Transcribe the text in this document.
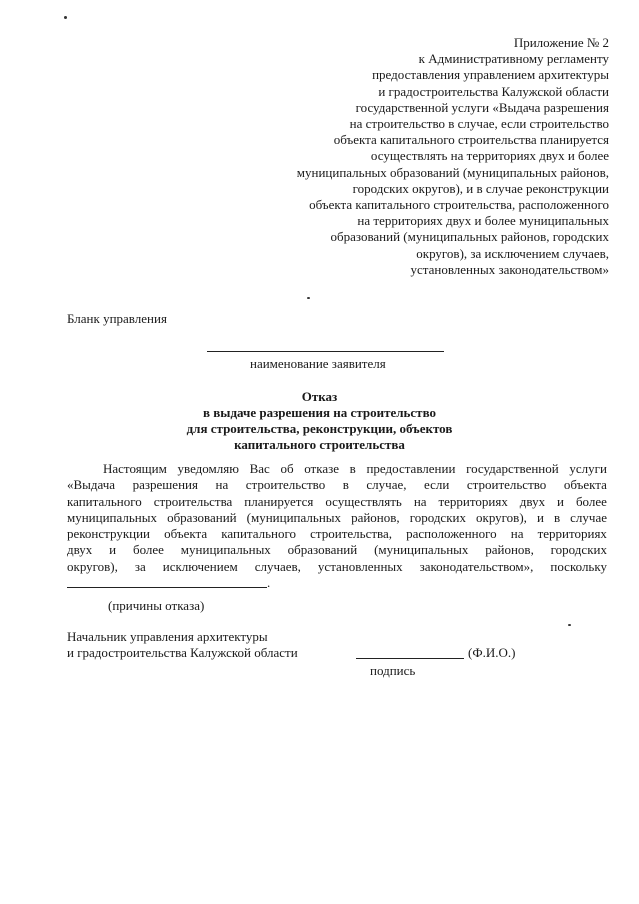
Приложение № 2
к Административному регламенту
предоставления управлением архитектуры
и градостроительства Калужской области
государственной услуги «Выдача разрешения
на строительство в случае, если строительство
объекта капитального строительства планируется
осуществлять на территориях двух и более
муниципальных образований (муниципальных районов,
городских округов), и в случае реконструкции
объекта капитального строительства, расположенного
на территориях двух и более муниципальных
образований (муниципальных районов, городских
округов), за исключением случаев,
установленных законодательством»
Бланк управления
наименование заявителя
Отказ
в выдаче разрешения на строительство
для строительства, реконструкции, объектов
капитального строительства
Настоящим уведомляю Вас об отказе в предоставлении государственной услуги
«Выдача разрешения на строительство в случае, если строительство объекта
капитального строительства планируется осуществлять на территориях двух и более
муниципальных образований (муниципальных районов, городских округов), и в случае
реконструкции объекта капитального строительства, расположенного на территориях
двух и более муниципальных образований (муниципальных районов, городских
округов), за исключением случаев, установленных законодательством», поскольку
.
(причины отказа)
Начальник управления архитектуры
и градостроительства Калужской области	(Ф.И.О.)
подпись
